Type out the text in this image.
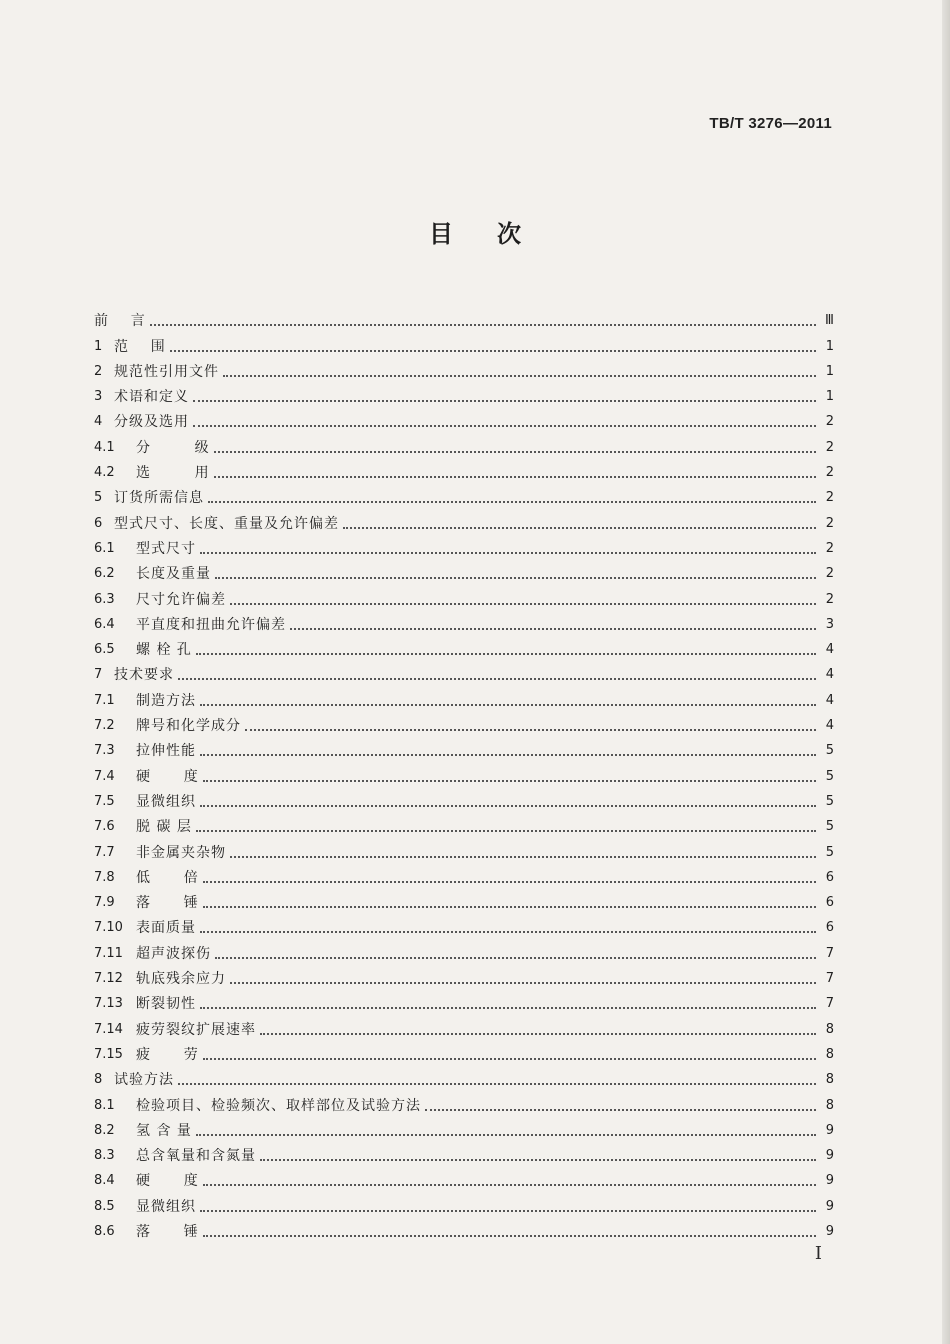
TB/T 3276—2011
目次
前    言	Ⅲ
1 范    围	1
2 规范性引用文件	1
3 术语和定义	1
4 分级及选用	2
4.1	分        级	2
4.2	选        用	2
5 订货所需信息	2
6 型式尺寸、长度、重量及允许偏差	2
6.1	型式尺寸	2
6.2	长度及重量	2
6.3	尺寸允许偏差	2
6.4	平直度和扭曲允许偏差	3
6.5	螺 栓 孔	4
7 技术要求	4
7.1	制造方法	4
7.2	牌号和化学成分	4
7.3	拉伸性能	5
7.4	硬      度	5
7.5	显微组织	5
7.6	脱 碳 层	5
7.7	非金属夹杂物	5
7.8	低      倍	6
7.9	落      锤	6
7.10 表面质量	6
7.11 超声波探伤	7
7.12 轨底残余应力	7
7.13 断裂韧性	7
7.14 疲劳裂纹扩展速率	8
7.15 疲      劳	8
8 试验方法	8
8.1	检验项目、检验频次、取样部位及试验方法	8
8.2	氢 含 量	9
8.3	总含氧量和含氮量	9
8.4	硬      度	9
8.5	显微组织	9
8.6	落      锤	9
I
